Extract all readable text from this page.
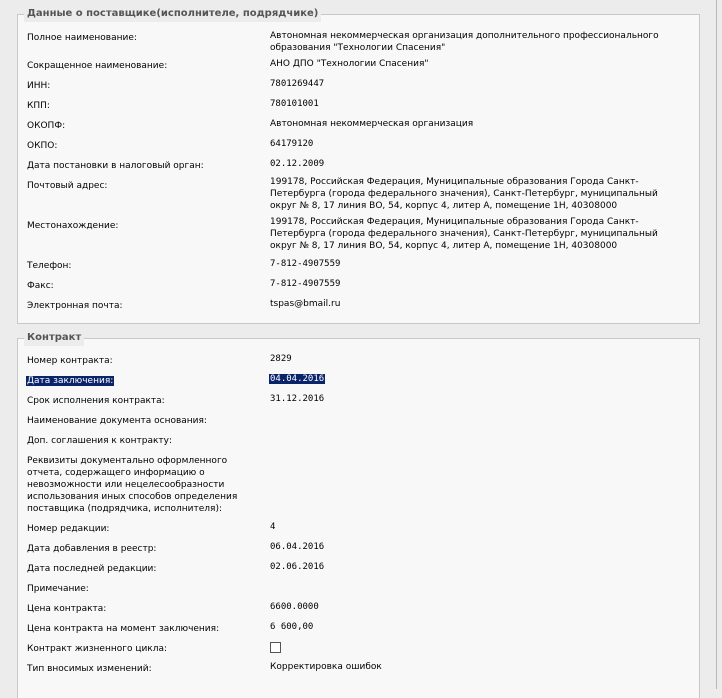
Данные о поставщике(исполнителе, подрядчике)
Полное наименование:	Автономная некоммерческая организация дополнительного профессионального образования "Технологии Спасения"
Сокращенное наименование:	АНО ДПО "Технологии Спасения"
ИНН:	7801269447
КПП:	780101001
ОКОПФ:	Автономная некоммерческая организация
ОКПО:	64179120
Дата постановки в налоговый орган:	02.12.2009
Почтовый адрес:	199178, Российская Федерация, Муниципальные образования Города Санкт-Петербурга (города федерального значения), Санкт-Петербург, муниципальный округ № 8, 17 линия ВО, 54, корпус 4, литер А, помещение 1Н, 40308000
Местонахождение:	199178, Российская Федерация, Муниципальные образования Города Санкт-Петербурга (города федерального значения), Санкт-Петербург, муниципальный округ № 8, 17 линия ВО, 54, корпус 4, литер А, помещение 1Н, 40308000
Телефон:	7-812-4907559
Факс:	7-812-4907559
Электронная почта:	tspas@bmail.ru
Контракт
Номер контракта:	2829
Дата заключения:	04.04.2016
Срок исполнения контракта:	31.12.2016
Наименование документа основания:
Доп. соглашения к контракту:
Реквизиты документально оформленного отчета, содержащего информацию о невозможности или нецелесообразности использования иных способов определения поставщика (подрядчика, исполнителя):
Номер редакции:	4
Дата добавления в реестр:	06.04.2016
Дата последней редакции:	02.06.2016
Примечание:
Цена контракта:	6600.0000
Цена контракта на момент заключения:	6 600,00
Контракт жизненного цикла:
Тип вносимых изменений:	Корректировка ошибок
